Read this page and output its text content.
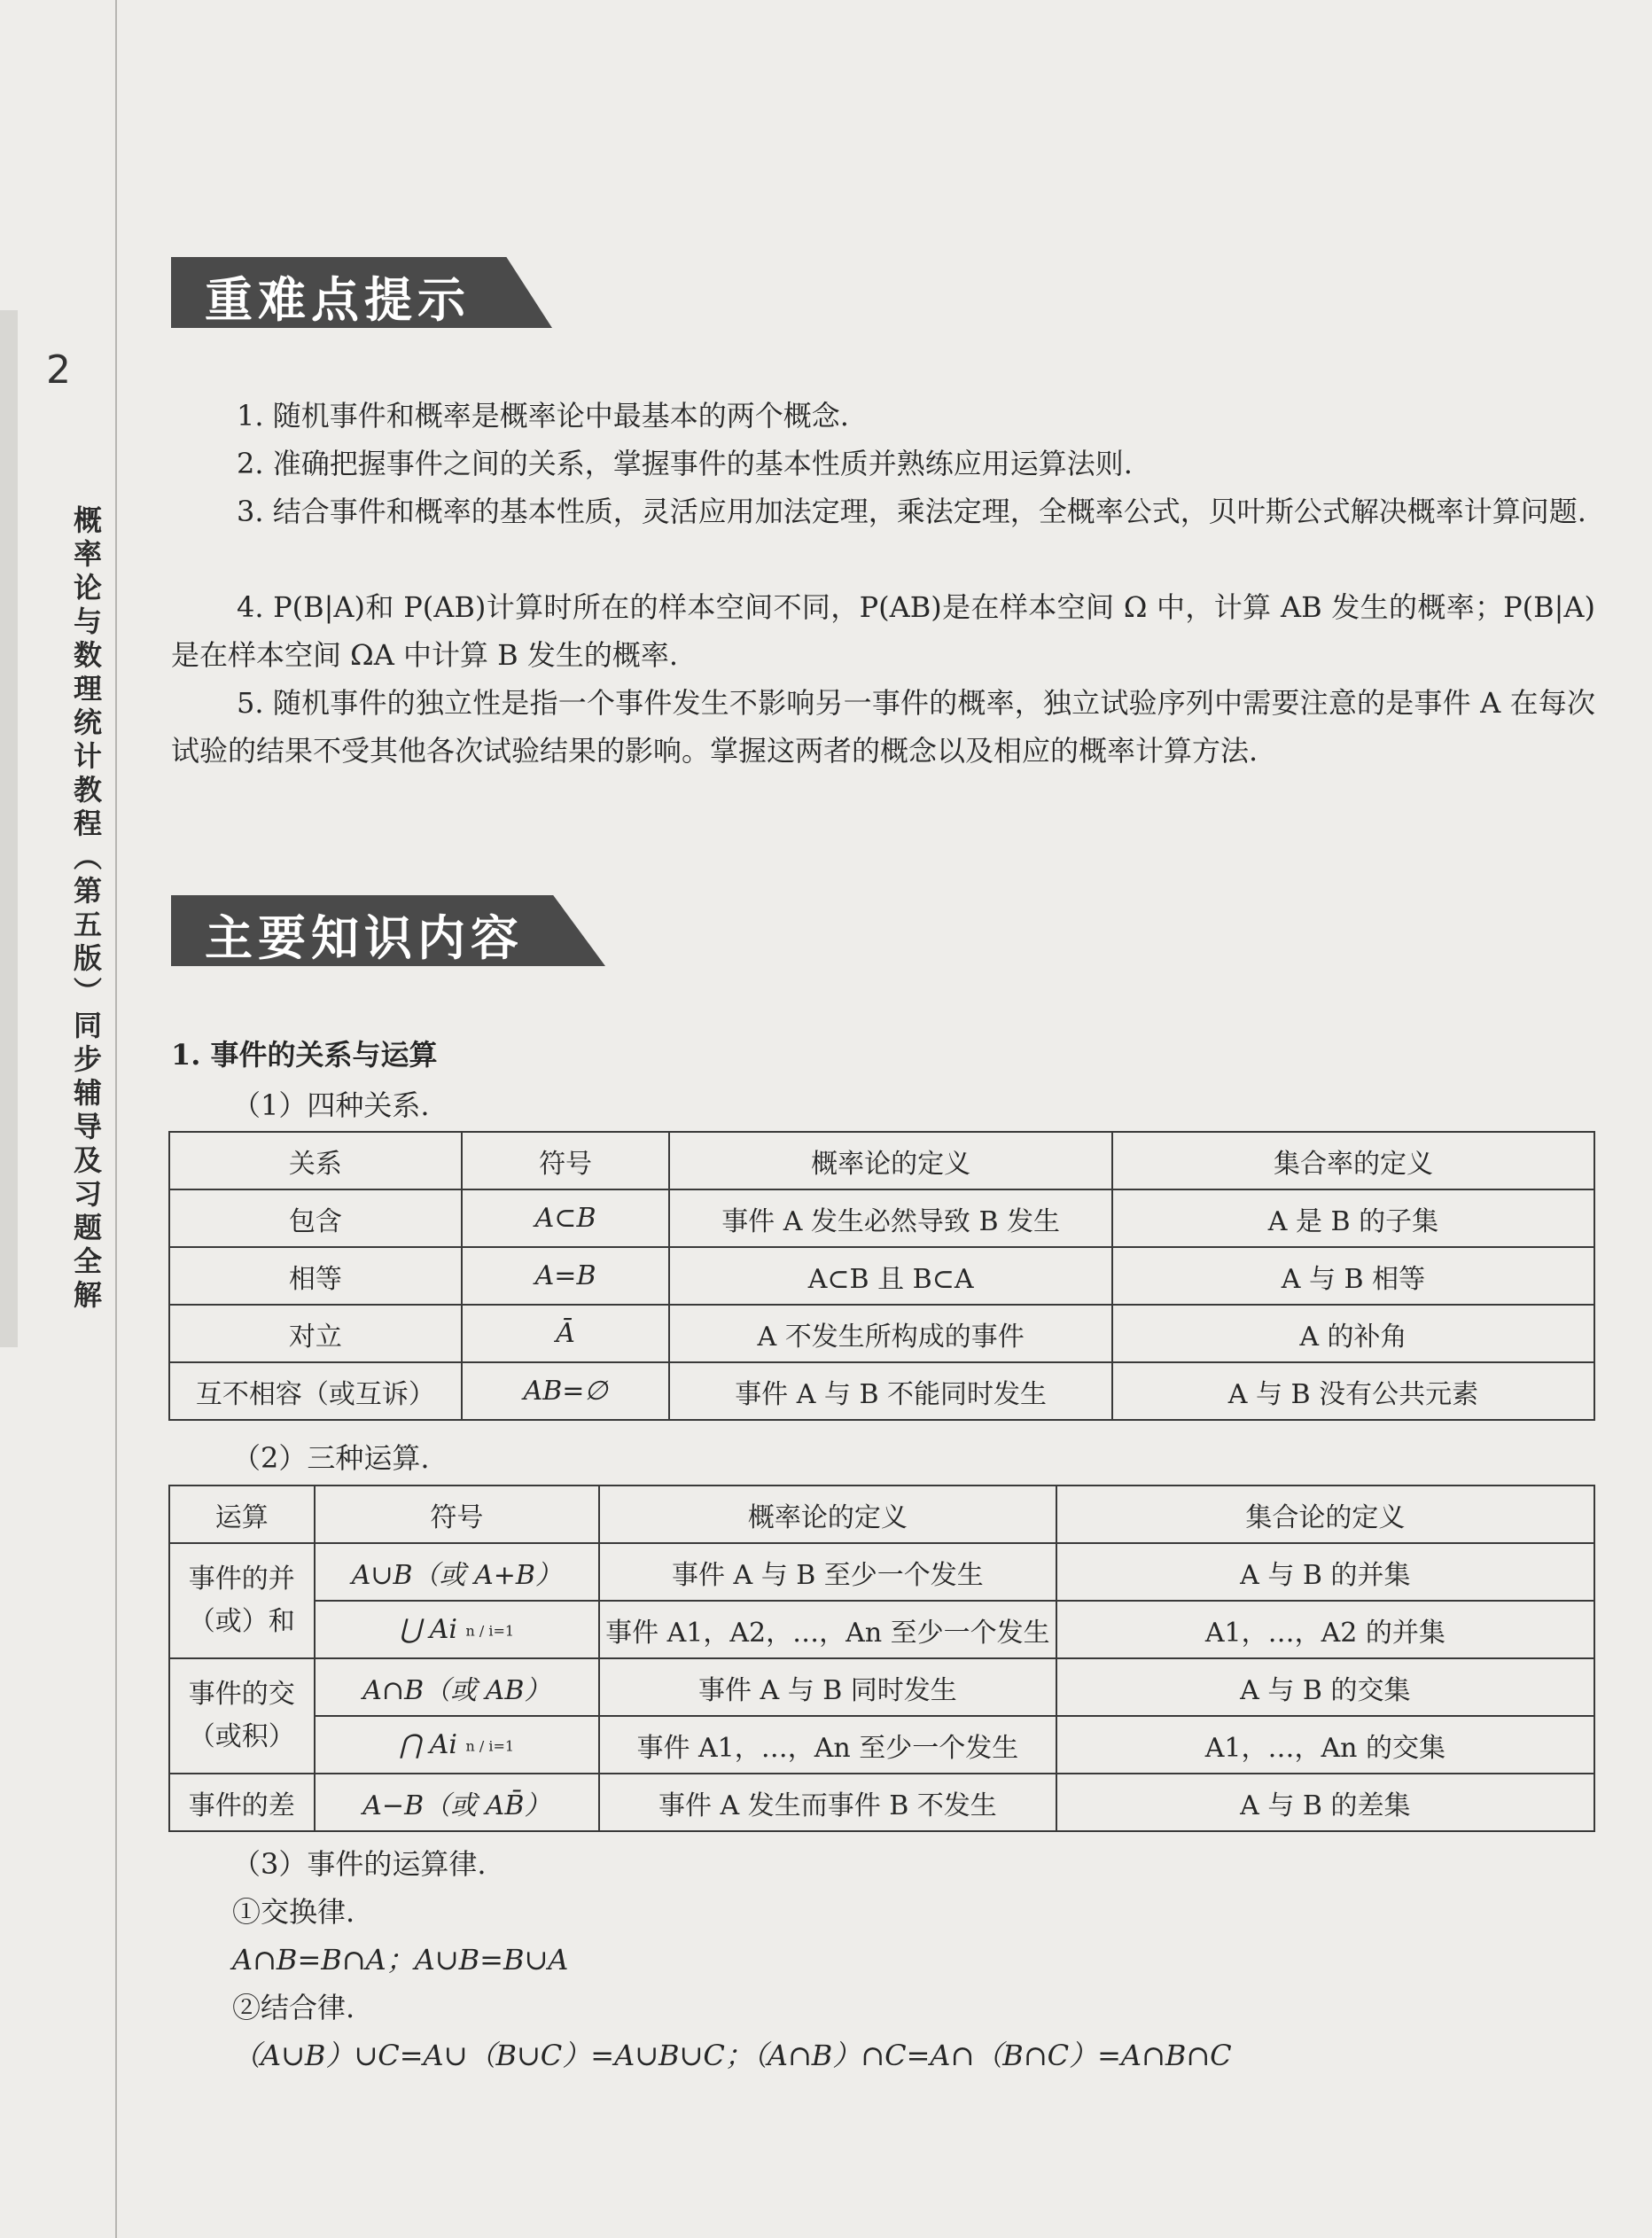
2
概率论与数理统计教程（第五版）同步辅导及习题全解
重难点提示
1. 随机事件和概率是概率论中最基本的两个概念.
2. 准确把握事件之间的关系，掌握事件的基本性质并熟练应用运算法则.
3. 结合事件和概率的基本性质，灵活应用加法定理，乘法定理，全概率公式，贝叶斯公式解决概率计算问题.
4. P(B|A)和 P(AB)计算时所在的样本空间不同，P(AB)是在样本空间 Ω 中，计算 AB 发生的概率；P(B|A)是在样本空间 ΩA 中计算 B 发生的概率.
5. 随机事件的独立性是指一个事件发生不影响另一事件的概率，独立试验序列中需要注意的是事件 A 在每次试验的结果不受其他各次试验结果的影响。掌握这两者的概念以及相应的概率计算方法.
主要知识内容
1. 事件的关系与运算
（1）四种关系.
关系	符号	概率论的定义	集合率的定义
包含	A⊂B	事件 A 发生必然导致 B 发生	A 是 B 的子集
相等	A=B	A⊂B 且 B⊂A	A 与 B 相等
对立	Ā	A 不发生所构成的事件	A 的补角
互不相容（或互诉）	AB=∅	事件 A 与 B 不能同时发生	A 与 B 没有公共元素
（2）三种运算.
运算	符号	概率论的定义	集合论的定义
事件的并（或）和	A∪B（或 A+B）	事件 A 与 B 至少一个发生	A 与 B 的并集
	⋃ Ai n / i=1	事件 A1，A2，…，An 至少一个发生	A1，…，A2 的并集
事件的交（或积）	A∩B（或 AB）	事件 A 与 B 同时发生	A 与 B 的交集
	⋂ Ai n / i=1	事件 A1，…，An 至少一个发生	A1，…，An 的交集
事件的差	A−B（或 AB̄）	事件 A 发生而事件 B 不发生	A 与 B 的差集
（3）事件的运算律.
①交换律.
A∩B=B∩A；A∪B=B∪A
②结合律.
（A∪B）∪C=A∪（B∪C）=A∪B∪C；（A∩B）∩C=A∩（B∩C）=A∩B∩C
